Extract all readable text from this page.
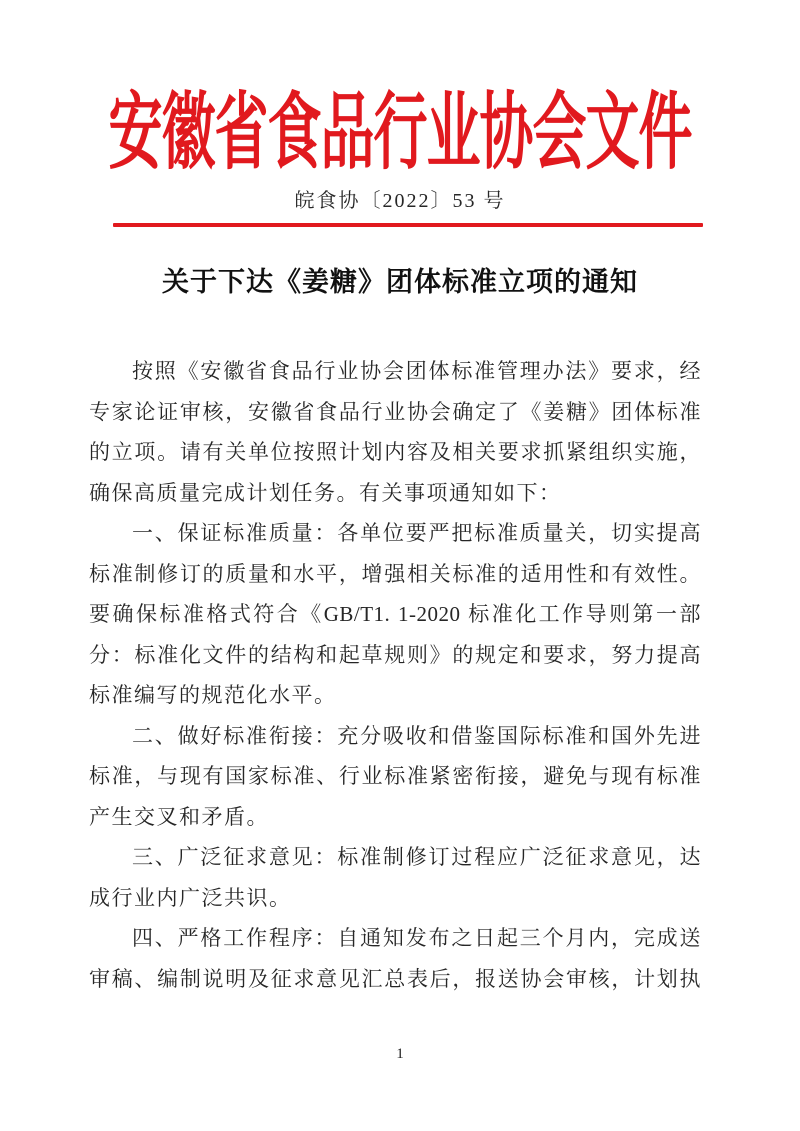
安徽省食品行业协会文件
皖食协〔2022〕53 号
关于下达《姜糖》团体标准立项的通知
按照《安徽省食品行业协会团体标准管理办法》要求，经
专家论证审核，安徽省食品行业协会确定了《姜糖》团体标准
的立项。请有关单位按照计划内容及相关要求抓紧组织实施，
确保高质量完成计划任务。有关事项通知如下：
一、保证标准质量：各单位要严把标准质量关，切实提高
标准制修订的质量和水平，增强相关标准的适用性和有效性。
要确保标准格式符合《GB/T1. 1-2020 标准化工作导则第一部
分：标准化文件的结构和起草规则》的规定和要求，努力提高
标准编写的规范化水平。
二、做好标准衔接：充分吸收和借鉴国际标准和国外先进
标准，与现有国家标准、行业标准紧密衔接，避免与现有标准
产生交叉和矛盾。
三、广泛征求意见：标准制修订过程应广泛征求意见，达
成行业内广泛共识。
四、严格工作程序：自通知发布之日起三个月内，完成送
审稿、编制说明及征求意见汇总表后，报送协会审核，计划执
1
